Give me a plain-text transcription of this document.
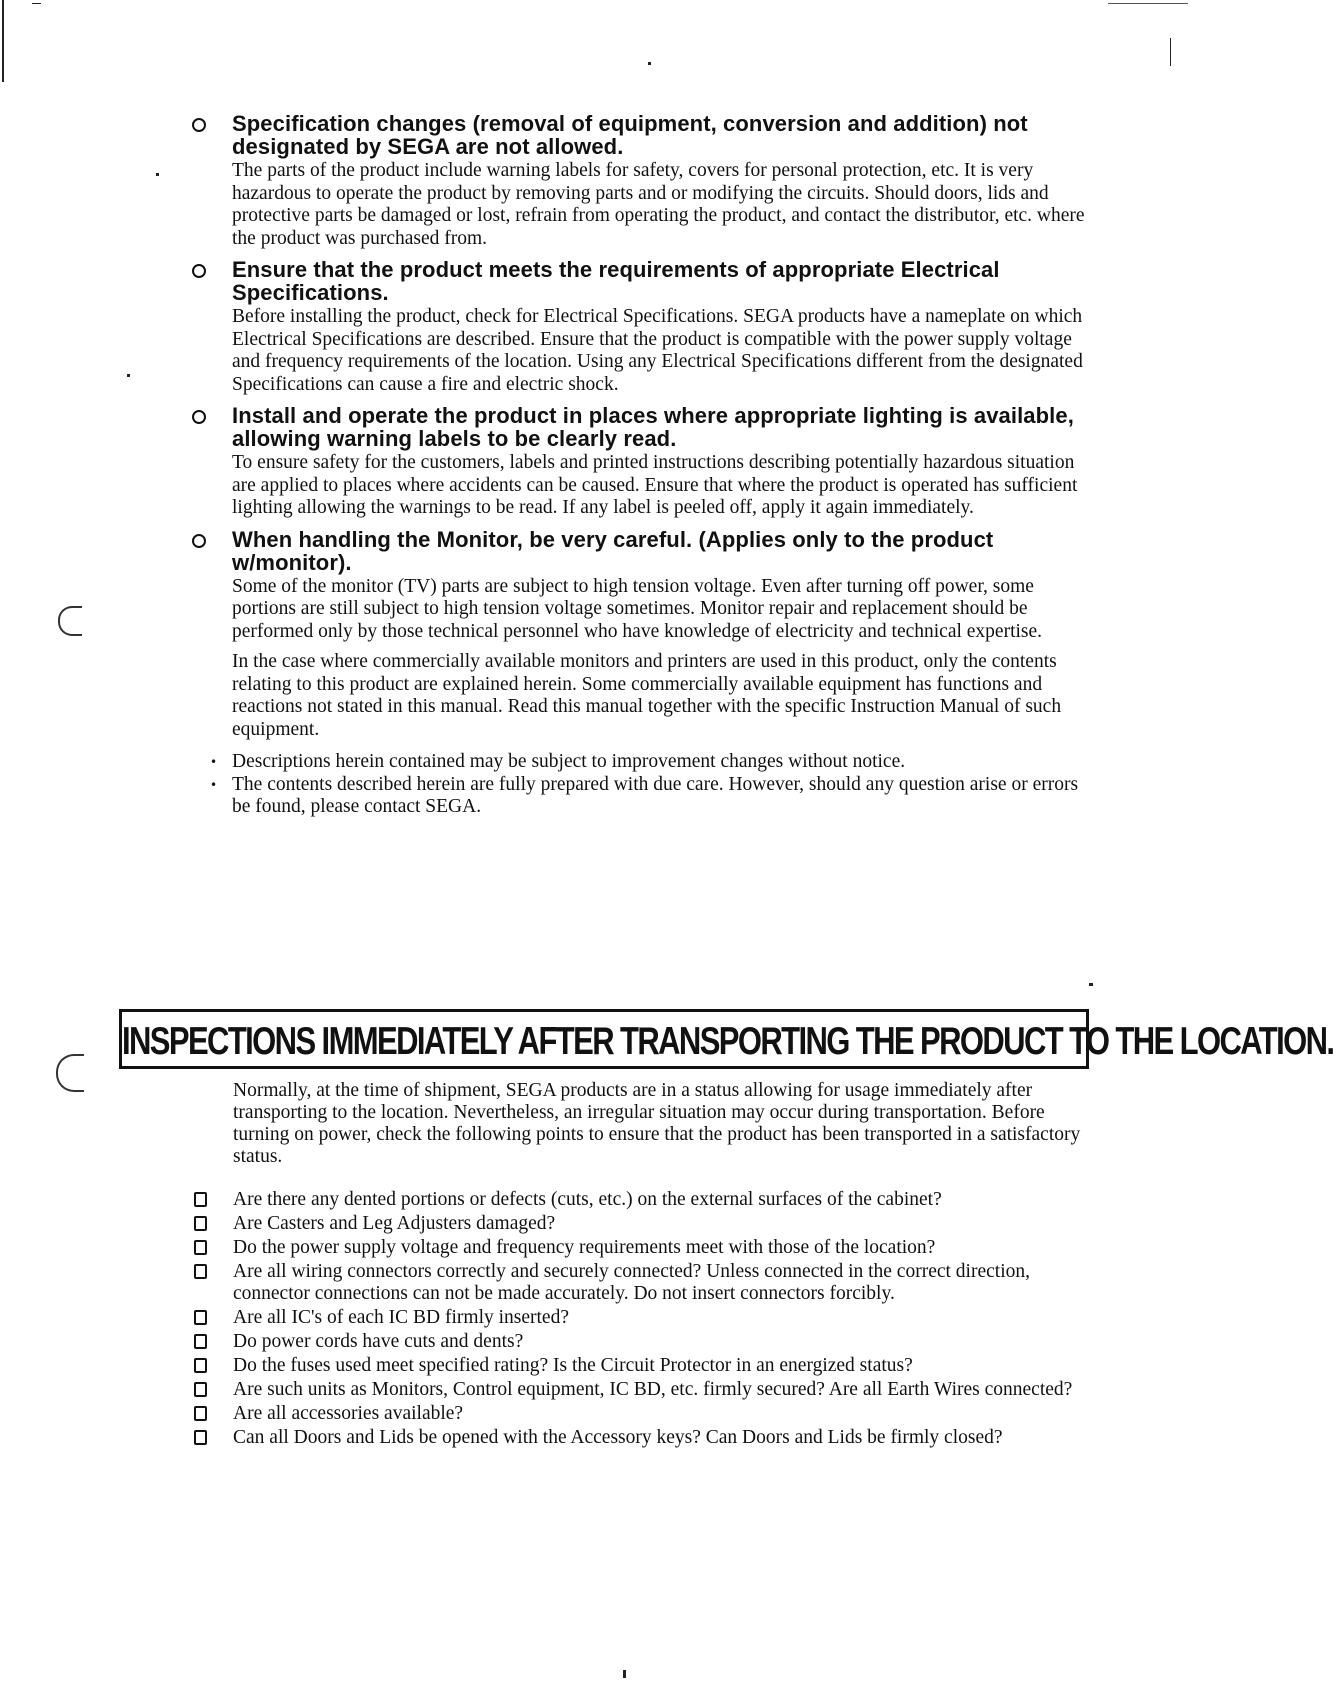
Specification changes (removal of equipment, conversion and addition) not designated by SEGA are not allowed.

The parts of the product include warning labels for safety, covers for personal protection, etc. It is very hazardous to operate the product by removing parts and or modifying the circuits. Should doors, lids and protective parts be damaged or lost, refrain from operating the product, and contact the distributor, etc. where the product was purchased from.

Ensure that the product meets the requirements of appropriate Electrical Specifications.

Before installing the product, check for Electrical Specifications. SEGA products have a nameplate on which Electrical Specifications are described. Ensure that the product is compatible with the power supply voltage and frequency requirements of the location. Using any Electrical Specifications different from the designated Specifications can cause a fire and electric shock.

Install and operate the product in places where appropriate lighting is available, allowing warning labels to be clearly read.

To ensure safety for the customers, labels and printed instructions describing potentially hazardous situation are applied to places where accidents can be caused. Ensure that where the product is operated has sufficient lighting allowing the warnings to be read. If any label is peeled off, apply it again immediately.

When handling the Monitor, be very careful. (Applies only to the product w/monitor).

Some of the monitor (TV) parts are subject to high tension voltage. Even after turning off power, some portions are still subject to high tension voltage sometimes. Monitor repair and replacement should be performed only by those technical personnel who have knowledge of electricity and technical expertise.

In the case where commercially available monitors and printers are used in this product, only the contents relating to this product are explained herein. Some commercially available equipment has functions and reactions not stated in this manual. Read this manual together with the specific Instruction Manual of such equipment.

• Descriptions herein contained may be subject to improvement changes without notice.
• The contents described herein are fully prepared with due care. However, should any question arise or errors be found, please contact SEGA.
INSPECTIONS IMMEDIATELY AFTER TRANSPORTING THE PRODUCT TO THE LOCATION.

Normally, at the time of shipment, SEGA products are in a status allowing for usage immediately after transporting to the location. Nevertheless, an irregular situation may occur during transportation. Before turning on power, check the following points to ensure that the product has been transported in a satisfactory status.

Are there any dented portions or defects (cuts, etc.) on the external surfaces of the cabinet?
Are Casters and Leg Adjusters damaged?
Do the power supply voltage and frequency requirements meet with those of the location?
Are all wiring connectors correctly and securely connected? Unless connected in the correct direction, connector connections can not be made accurately. Do not insert connectors forcibly.
Are all IC's of each IC BD firmly inserted?
Do power cords have cuts and dents?
Do the fuses used meet specified rating? Is the Circuit Protector in an energized status?
Are such units as Monitors, Control equipment, IC BD, etc. firmly secured? Are all Earth Wires connected?
Are all accessories available?
Can all Doors and Lids be opened with the Accessory keys? Can Doors and Lids be firmly closed?
